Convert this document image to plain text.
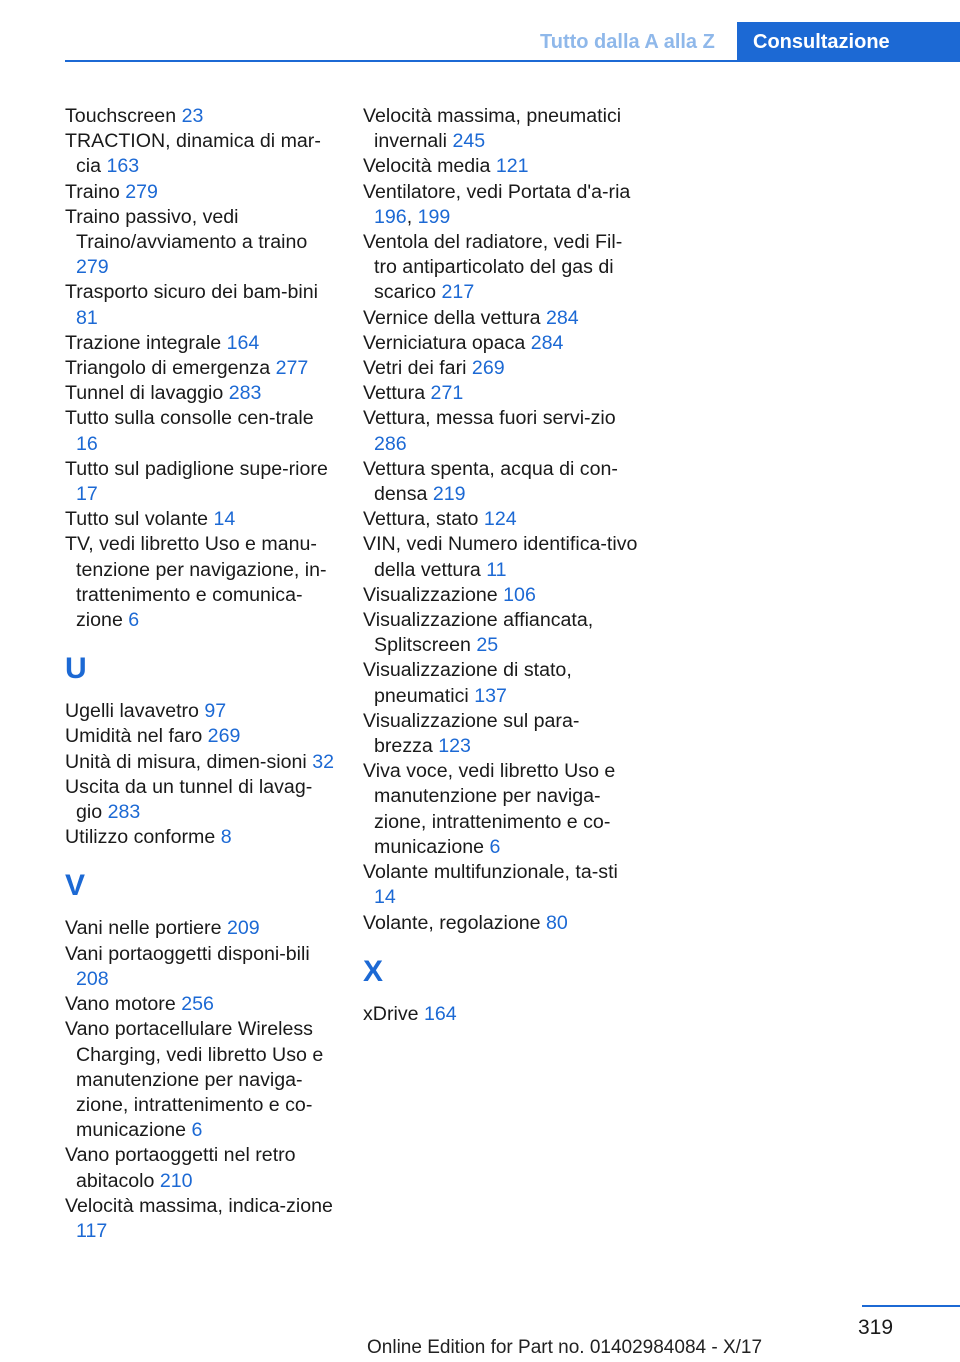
Tutto dalla A alla Z	Consultazione
Touchscreen 23
TRACTION, dinamica di mar-cia 163
Traino 279
Traino passivo, vedi Traino/avviamento a traino 279
Trasporto sicuro dei bam-bini 81
Trazione integrale 164
Triangolo di emergenza 277
Tunnel di lavaggio 283
Tutto sulla consolle cen-trale 16
Tutto sul padiglione supe-riore 17
Tutto sul volante 14
TV, vedi libretto Uso e manu-tenzione per navigazione, in-trattenimento e comunica-zione 6
U
Ugelli lavavetro 97
Umidità nel faro 269
Unità di misura, dimen-sioni 32
Uscita da un tunnel di lavag-gio 283
Utilizzo conforme 8
V
Vani nelle portiere 209
Vani portaoggetti disponi-bili 208
Vano motore 256
Vano portacellulare Wireless Charging, vedi libretto Uso e manutenzione per naviga-zione, intrattenimento e co-municazione 6
Vano portaoggetti nel retro abitacolo 210
Velocità massima, indica-zione 117
Velocità massima, pneumatici invernali 245
Velocità media 121
Ventilatore, vedi Portata d'a-ria 196, 199
Ventola del radiatore, vedi Fil-tro antiparticolato del gas di scarico 217
Vernice della vettura 284
Verniciatura opaca 284
Vetri dei fari 269
Vettura 271
Vettura, messa fuori servi-zio 286
Vettura spenta, acqua di con-densa 219
Vettura, stato 124
VIN, vedi Numero identifica-tivo della vettura 11
Visualizzazione 106
Visualizzazione affiancata, Splitscreen 25
Visualizzazione di stato, pneumatici 137
Visualizzazione sul para-brezza 123
Viva voce, vedi libretto Uso e manutenzione per naviga-zione, intrattenimento e co-municazione 6
Volante multifunzionale, ta-sti 14
Volante, regolazione 80
X
xDrive 164
319
Online Edition for Part no. 01402984084 - X/17
